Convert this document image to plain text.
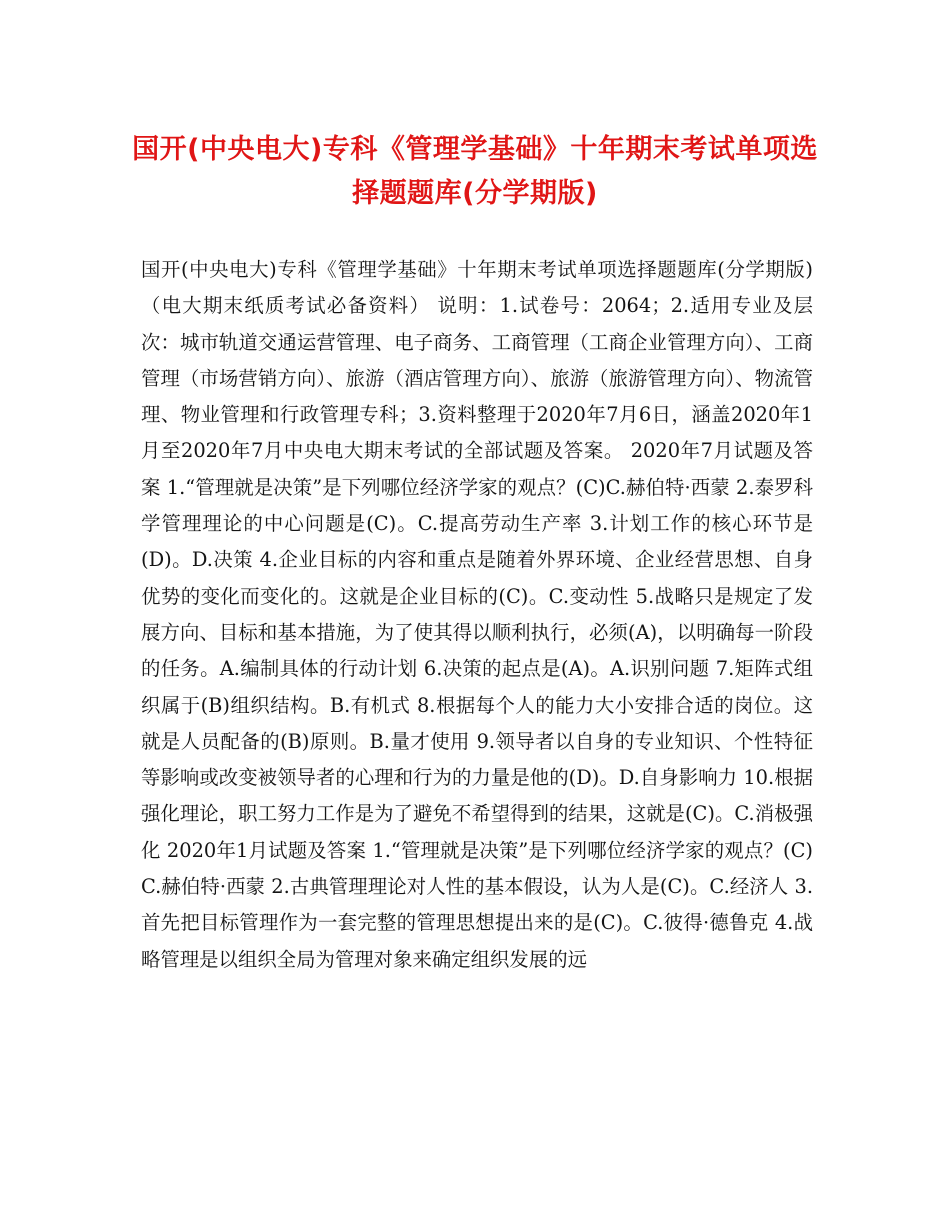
国开(中央电大)专科《管理学基础》十年期末考试单项选择题题库(分学期版)

国开(中央电大)专科《管理学基础》十年期末考试单项选择题题库(分学期版) （电大期末纸质考试必备资料） 说明：1.试卷号：2064；2.适用专业及层次：城市轨道交通运营管理、电子商务、工商管理（工商企业管理方向）、工商管理（市场营销方向）、旅游（酒店管理方向）、旅游（旅游管理方向）、物流管理、物业管理和行政管理专科；3.资料整理于2020年7月6日，涵盖2020年1月至2020年7月中央电大期末考试的全部试题及答案。 2020年7月试题及答案 1.“管理就是决策”是下列哪位经济学家的观点？(C)C.赫伯特·西蒙 2.泰罗科学管理理论的中心问题是(C)。C.提高劳动生产率 3.计划工作的核心环节是(D)。D.决策 4.企业目标的内容和重点是随着外界环境、企业经营思想、自身优势的变化而变化的。这就是企业目标的(C)。C.变动性 5.战略只是规定了发展方向、目标和基本措施，为了使其得以顺利执行，必须(A)，以明确每一阶段的任务。A.编制具体的行动计划 6.决策的起点是(A)。A.识别问题 7.矩阵式组织属于(B)组织结构。B.有机式 8.根据每个人的能力大小安排合适的岗位。这就是人员配备的(B)原则。B.量才使用 9.领导者以自身的专业知识、个性特征等影响或改变被领导者的心理和行为的力量是他的(D)。D.自身影响力 10.根据强化理论，职工努力工作是为了避免不希望得到的结果，这就是(C)。C.消极强化 2020年1月试题及答案 1.“管理就是决策”是下列哪位经济学家的观点？(C)C.赫伯特·西蒙 2.古典管理理论对人性的基本假设，认为人是(C)。C.经济人 3.首先把目标管理作为一套完整的管理思想提出来的是(C)。C.彼得·德鲁克 4.战略管理是以组织全局为管理对象来确定组织发展的远
